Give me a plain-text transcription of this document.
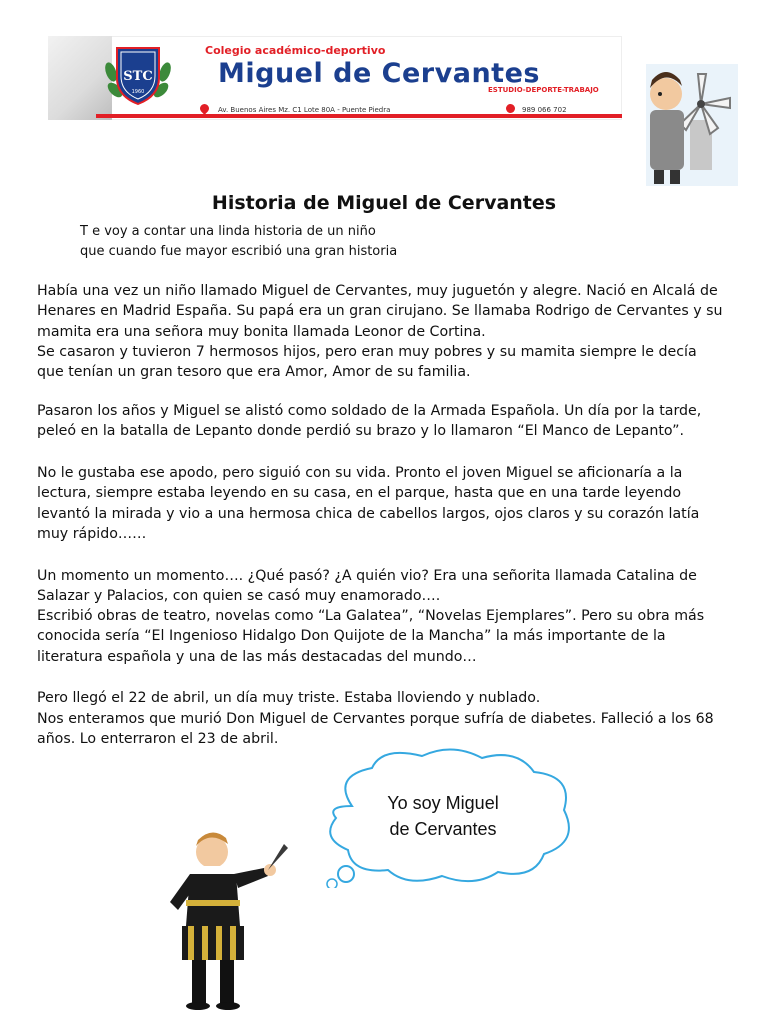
STC
1960
Colegio académico-deportivo
Miguel de Cervantes
ESTUDIO-DEPORTE-TRABAJO
Av. Buenos Aires Mz. C1 Lote 80A - Puente Piedra	989 066 702
Historia de Miguel de Cervantes
T e voy a contar una linda historia de un niño
que cuando fue mayor escribió una gran historia
Había una vez un niño llamado Miguel de Cervantes, muy juguetón y alegre. Nació en Alcalá de Henares en Madrid España. Su papá era un gran cirujano. Se llamaba Rodrigo de Cervantes y su mamita era una señora muy bonita llamada Leonor de Cortina.
Se casaron y tuvieron 7 hermosos hijos, pero eran muy pobres y su mamita siempre le decía que tenían un gran tesoro que era Amor, Amor de su familia.
Pasaron los años y Miguel se alistó como soldado de la Armada Española. Un día por la tarde, peleó en la batalla de Lepanto donde perdió su brazo y lo llamaron “El Manco de Lepanto”.
No le gustaba ese apodo, pero siguió con su vida. Pronto el joven Miguel se aficionaría a la lectura, siempre estaba leyendo en su casa, en el parque, hasta que en una tarde leyendo levantó la mirada y vio a una hermosa chica de cabellos largos, ojos claros y su corazón latía muy rápido……
Un momento un momento…. ¿Qué pasó? ¿A quién vio? Era una señorita llamada Catalina de Salazar y Palacios, con quien se casó muy enamorado….
Escribió obras de teatro, novelas como “La Galatea”, “Novelas Ejemplares”. Pero su obra más conocida sería “El Ingenioso Hidalgo Don Quijote de la Mancha” la más importante de la literatura española y una de las más destacadas del mundo…
Pero llegó el 22 de abril, un día muy triste. Estaba lloviendo y nublado.
Nos enteramos que murió Don Miguel de Cervantes porque sufría de diabetes. Falleció a los 68 años. Lo enterraron el 23 de abril.
Yo soy Miguel
de Cervantes
